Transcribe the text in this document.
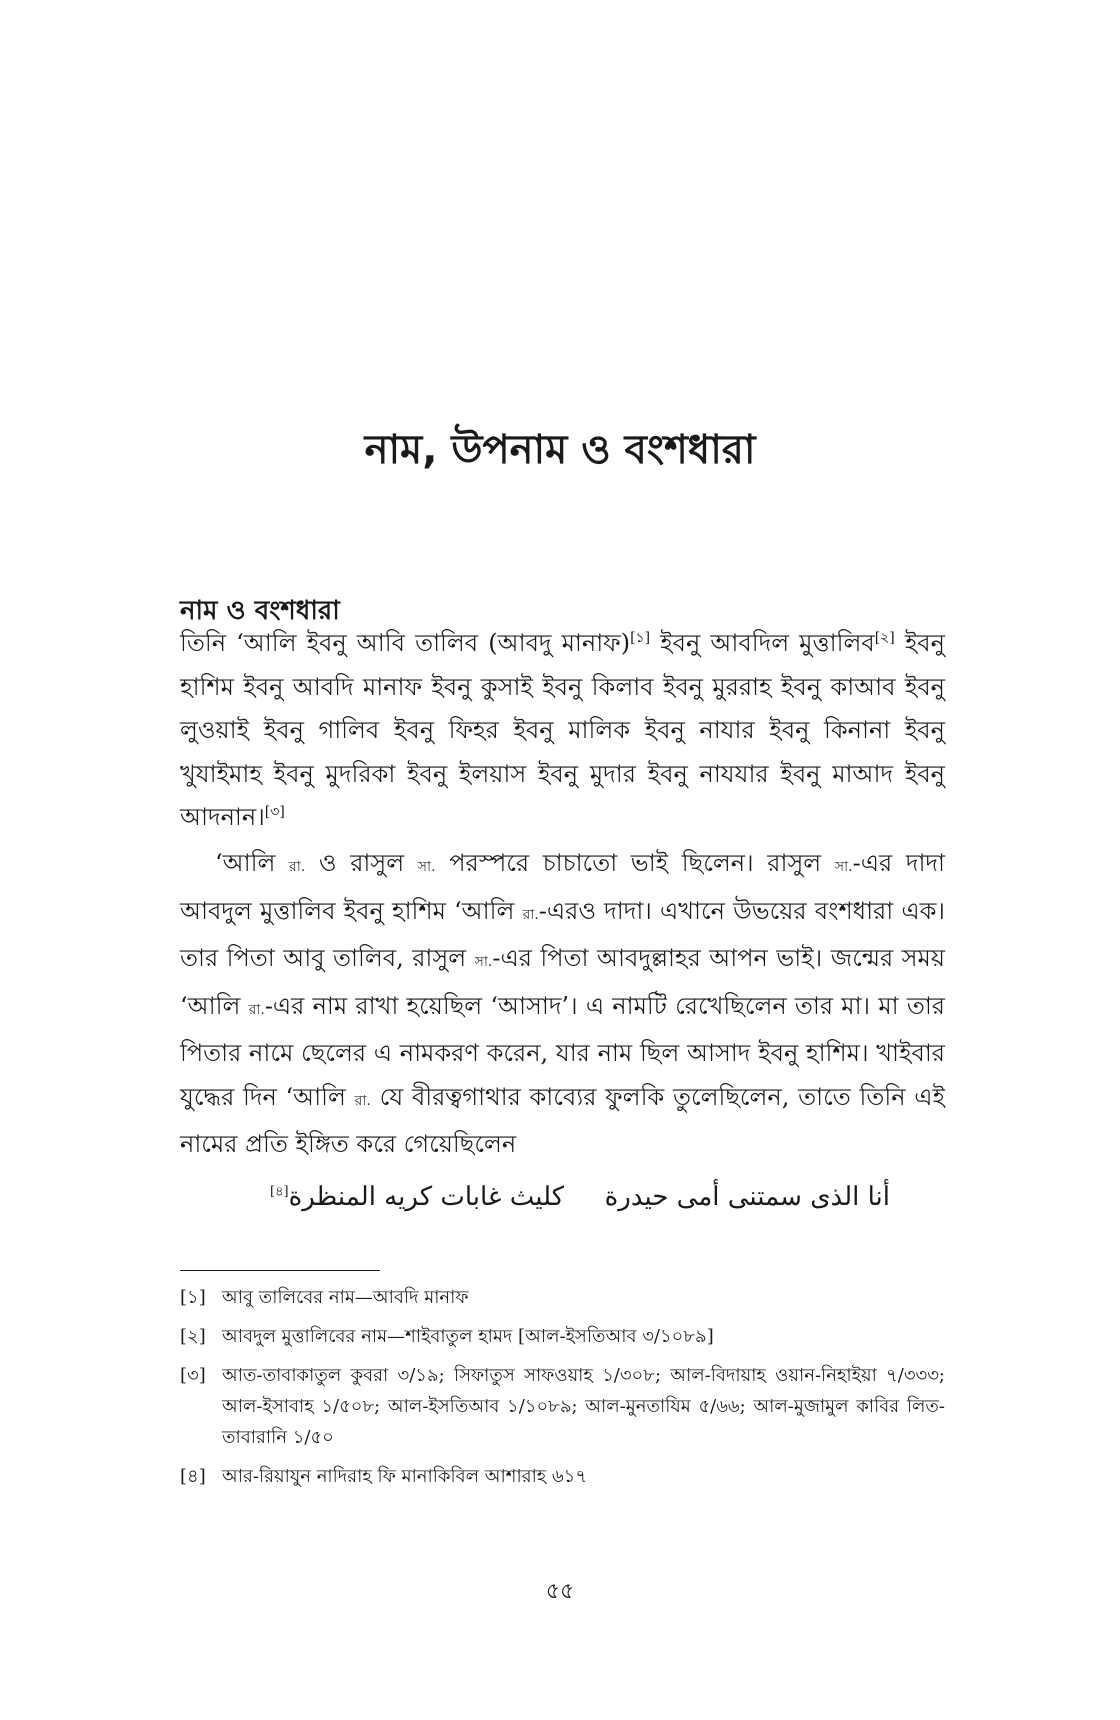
নাম, উপনাম ও বংশধারা
নাম ও বংশধারা

তিনি ‘আলি ইবনু আবি তালিব (আবদু মানাফ)[১] ইবনু আবদিল মুত্তালিব[২] ইবনু হাশিম ইবনু আবদি মানাফ ইবনু কুসাই ইবনু কিলাব ইবনু মুররাহ ইবনু কাআব ইবনু লুওয়াই ইবনু গালিব ইবনু ফিহর ইবনু মালিক ইবনু নাযার ইবনু কিনানা ইবনু খুযাইমাহ ইবনু মুদরিকা ইবনু ইলয়াস ইবনু মুদার ইবনু নাযযার ইবনু মাআদ ইবনু আদনান।[৩]

‘আলি রা. ও রাসুল সা. পরস্পরে চাচাতো ভাই ছিলেন। রাসুল সা.-এর দাদা আবদুল মুত্তালিব ইবনু হাশিম ‘আলি রা.-এরও দাদা। এখানে উভয়ের বংশধারা এক। তার পিতা আবু তালিব, রাসুল সা.-এর পিতা আবদুল্লাহর আপন ভাই। জন্মের সময় ‘আলি রা.-এর নাম রাখা হয়েছিল ‘আসাদ’। এ নামটি রেখেছিলেন তার মা। মা তার পিতার নামে ছেলের এ নামকরণ করেন, যার নাম ছিল আসাদ ইবনু হাশিম। খাইবার যুদ্ধের দিন ‘আলি রা. যে বীরত্বগাথার কাব্যের ফুলকি তুলেছিলেন, তাতে তিনি এই নামের প্রতি ইঙ্গিত করে গেয়েছিলেন

أنا الذى سمتنى أمى حيدرة
كليث غابات كريه المنظرة[৪]
[১] আবু তালিবের নাম—আবদি মানাফ
[২] আবদুল মুত্তালিবের নাম—শাইবাতুল হামদ [আল-ইসতিআব ৩/১০৮৯]
[৩] আত-তাবাকাতুল কুবরা ৩/১৯; সিফাতুস সাফওয়াহ ১/৩০৮; আল-বিদায়াহ ওয়ান-নিহাইয়া ৭/৩৩৩; আল-ইসাবাহ ১/৫০৮; আল-ইসতিআব ১/১০৮৯; আল-মুনতাযিম ৫/৬৬; আল-মুজামুল কাবির লিত-তাবারানি ১/৫০
[৪] আর-রিয়াযুন নাদিরাহ ফি মানাকিবিল আশারাহ ৬১৭
৫৫
